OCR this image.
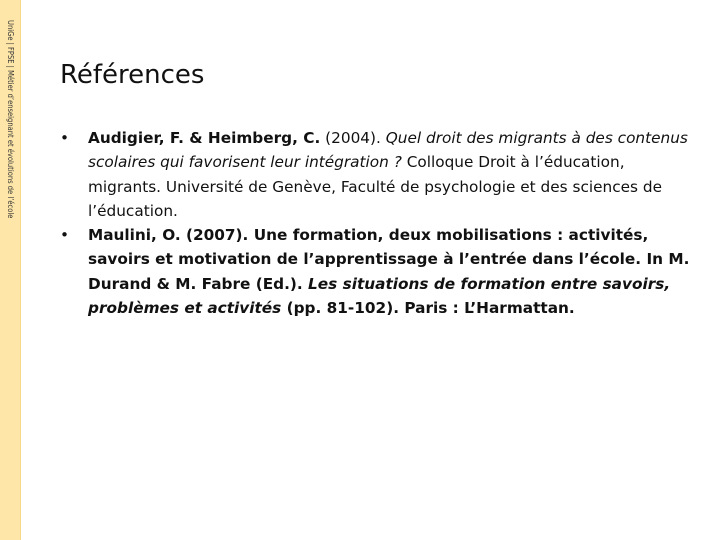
UniGe | FPSE | Métier d’enseignant et évolutions de l’école Références
•	Audigier, F. & Heimberg, C. (2004). Quel droit des migrants à des contenus scolaires qui favorisent leur intégration ? Colloque Droit à l’éducation, migrants. Université de Genève, Faculté de psychologie et des sciences de l’éducation.
•	Maulini, O. (2007). Une formation, deux mobilisations : activités, savoirs et motivation de l’apprentissage à l’entrée dans l’école. In M. Durand & M. Fabre (Ed.). Les situations de formation entre savoirs, problèmes et activités (pp. 81-102). Paris : L’Harmattan.
